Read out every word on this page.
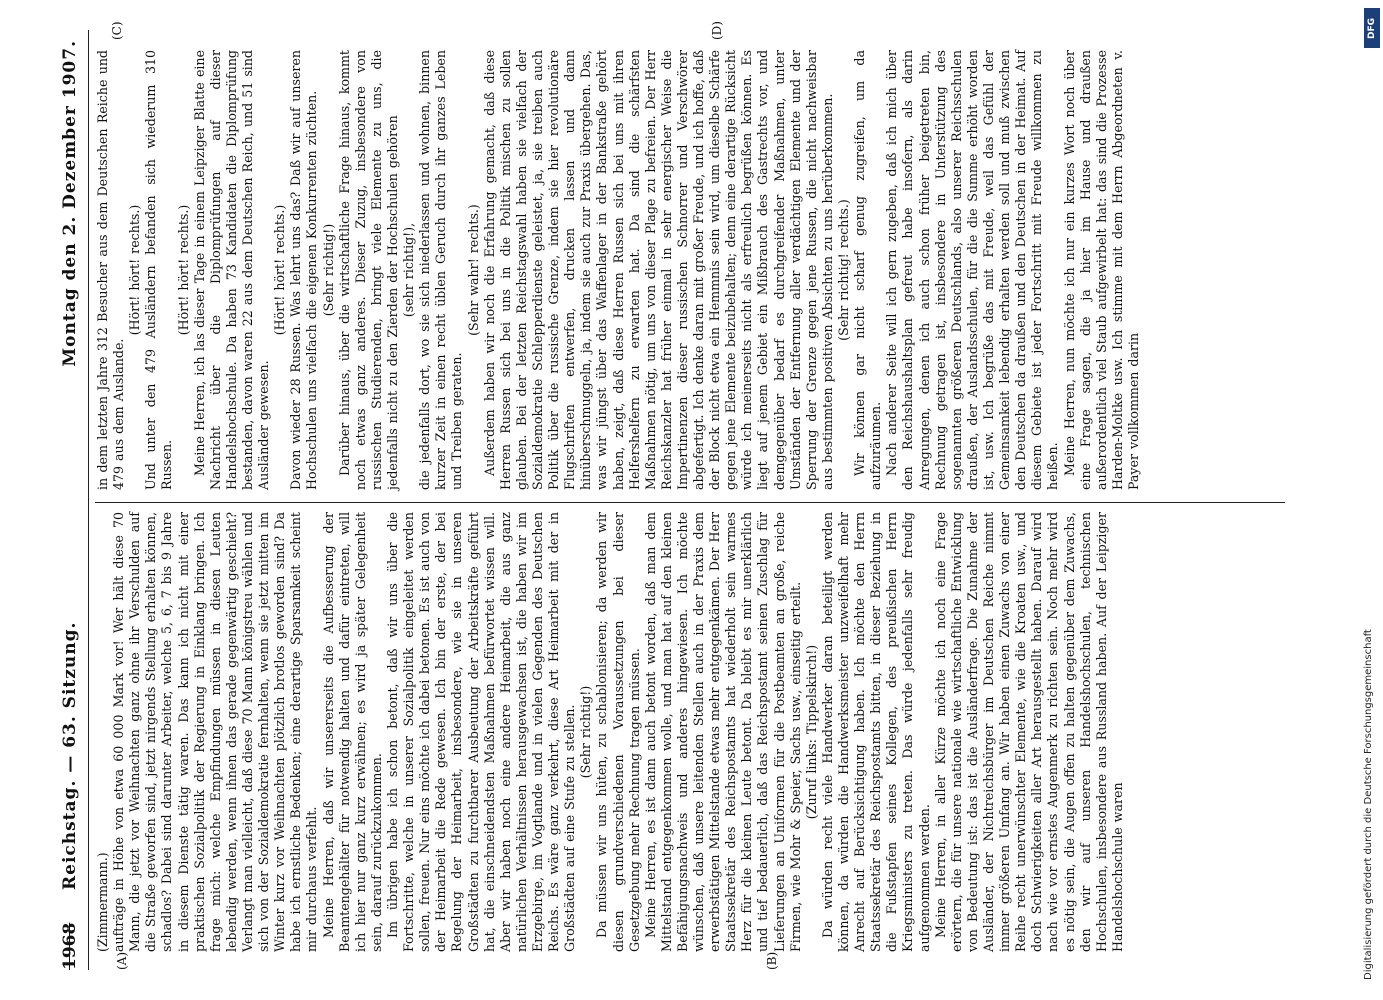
1968
Reichstag. — 63. Sitzung.
Montag den 2. Dezember 1907.
(A)	(B)
(C)	(D)

(Zimmermann.) aufträge in Höhe von etwa 60 000 Mark vor! Wer hält diese 70 Mann, die jetzt vor Weihnachten ganz ohne ihr Verschulden auf die Straße geworfen sind, jetzt nirgends Stellung erhalten können, schadlos? Dabei sind darunter Arbeiter, welche 5, 6, 7 bis 9 Jahre in diesem Dienste tätig waren. Das kann ich nicht mit einer praktischen Sozialpolitik der Regierung in Einklang bringen. Ich frage mich: welche Empfindungen müssen in diesen Leuten lebendig werden, wenn ihnen das gerade gegenwärtig geschieht? Verlangt man vielleicht, daß diese 70 Mann königstreu wählen und sich von der Sozialdemokratie fernhalten, wenn sie jetzt mitten im Winter kurz vor Weihnachten plötzlich brotlos geworden sind? Da habe ich ernstliche Bedenken; eine derartige Sparsamkeit scheint mir durchaus verfehlt. Meine Herren, daß wir unsererseits die Aufbesserung der Beamtengehälter für notwendig halten und dafür eintreten, will ich hier nur ganz kurz erwähnen; es wird ja später Gelegenheit sein, darauf zurückzukommen. Im übrigen habe ich schon betont, daß wir uns über die Fortschritte, welche in unserer Sozialpolitik eingeleitet werden sollen, freuen. Nur eins möchte ich dabei betonen. Es ist auch von der Heimarbeit die Rede gewesen. Ich bin der erste, der bei Regelung der Heimarbeit, insbesondere, wie sie in unseren Großstädten zu furchtbarer Ausbeutung der Arbeitskräfte geführt hat, die einschneidendsten Maßnahmen befürwortet wissen will. Aber wir haben noch eine andere Heimarbeit, die aus ganz natürlichen Verhältnissen herausgewachsen ist, die haben wir im Erzgebirge, im Vogtlande und in vielen Gegenden des Deutschen Reichs. Es wäre ganz verkehrt, diese Art Heimarbeit mit der in Großstädten auf eine Stufe zu stellen. (Sehr richtig!) Da müssen wir uns hüten, zu schablonisieren; da werden wir diesen grundverschiedenen Voraussetzungen bei dieser Gesetzgebung mehr Rechnung tragen müssen. Meine Herren, es ist dann auch betont worden, daß man dem Mittelstand entgegenkommen wolle, und man hat auf den kleinen Befähigungsnachweis und anderes hingewiesen. Ich möchte wünschen, daß unsere leitenden Stellen auch in der Praxis dem erwerbstätigen Mittelstande etwas mehr entgegenkämen. Der Herr Staatssekretär des Reichspostamts hat wiederholt sein warmes Herz für die kleinen Leute betont. Da bleibt es mir unerklärlich und tief bedauerlich, daß das Reichspostamt seinen Zuschlag für Lieferungen an Uniformen für die Postbeamten an große, reiche Firmen, wie Mohr & Speier, Sachs usw., einseitig erteilt. (Zuruf links: Tippelskirch!) Da würden recht viele Handwerker daran beteiligt werden können, da würden die Handwerksmeister unzweifelhaft mehr Anrecht auf Berücksichtigung haben. Ich möchte den Herrn Staatssekretär des Reichspostamts bitten, in dieser Beziehung in die Fußstapfen seines Kollegen, des preußischen Herrn Kriegsministers zu treten. Das würde jedenfalls sehr freudig aufgenommen werden. Meine Herren, in aller Kürze möchte ich noch eine Frage erörtern, die für unsere nationale wie wirtschaftliche Entwicklung von Bedeutung ist: das ist die Ausländerfrage. Die Zunahme der Ausländer, der Nichtreichsbürger im Deutschen Reiche nimmt immer größeren Umfang an. Wir haben einen Zuwachs von einer Reihe recht unerwünschter Elemente, wie die Kroaten usw., und doch Schwierigkeiten aller Art herausgestellt haben. Darauf wird nach wie vor ernstes Augenmerk zu richten sein. Noch mehr wird es nötig sein, die Augen offen zu halten gegenüber dem Zuwachs, den wir auf unseren Handelshochschulen, technischen Hochschulen, insbesondere aus Russland haben. Auf der Leipziger Handelshochschule waren

in dem letzten Jahre 312 Besucher aus dem Deutschen Reiche und 479 aus dem Auslande.

(Hört! hört! rechts.) Und unter den 479 Ausländern befanden sich wiederum 310 Russen.

(Hört! hört! rechts.) Meine Herren, ich las dieser Tage in einem Leipziger Blatte eine Nachricht über die Diplomprüfungen auf dieser Handelshochschule. Da haben 73 Kandidaten die Diplomprüfung bestanden, davon waren 22 aus dem Deutschen Reich, und 51 sind Ausländer gewesen.

(Hört! hört! rechts.) Davon wieder 28 Russen. Was lehrt uns das? Daß wir auf unseren Hochschulen uns vielfach die eigenen Konkurrenten züchten. (Sehr richtig!) Darüber hinaus, über die wirtschaftliche Frage hinaus, kommt noch etwas ganz anderes. Dieser Zuzug, insbesondere von russischen Studierenden, bringt viele Elemente zu uns, die jedenfalls nicht zu den Zierden der Hochschulen gehören (sehr richtig!), die jedenfalls dort, wo sie sich niederlassen und wohnen, binnen kurzer Zeit in einen recht üblen Geruch durch ihr ganzes Leben und Treiben geraten.

(Sehr wahr! rechts.) Außerdem haben wir noch die Erfahrung gemacht, daß diese Herren Russen sich bei uns in die Politik mischen zu sollen glauben. Bei der letzten Reichstagswahl haben sie vielfach der Sozialdemokratie Schlepperdienste geleistet, ja, sie treiben auch Politik über die russische Grenze, indem sie hier revolutionäre Flugschriften entwerfen, drucken lassen und dann hinüberschmuggeln, ja, indem sie auch zur Praxis übergehen. Das, was wir jüngst über das Waffenlager in der Bankstraße gehört haben, zeigt, daß diese Herren Russen sich bei uns mit ihren Helfershelfern zu erwarten hat. Da sind die schärfsten Maßnahmen nötig, um uns von dieser Plage zu befreien. Der Herr Reichskanzler hat früher einmal in sehr energischer Weise die Impertinenzen dieser russischen Schnorrer und Verschwörer abgefertigt. Ich denke daran mit großer Freude, und ich hoffe, daß der Block nicht etwa ein Hemmnis sein wird, um dieselbe Schärfe gegen jene Elemente beizubehalten; denn eine derartige Rücksicht würde ich meinerseits nicht als erfreulich begrüßen können. Es liegt auf jenem Gebiet ein Mißbrauch des Gastrechts vor, und demgegenüber bedarf es durchgreifender Maßnahmen, unter Umständen der Entfernung aller verdächtigen Elemente und der Sperrung der Grenze gegen jene Russen, die nicht nachweisbar aus bestimmten positiven Absichten zu uns herüberkommen. (Sehr richtig! rechts.) Wir können gar nicht scharf genug zugreifen, um da aufzuräumen. Nach anderer Seite will ich gern zugeben, daß ich mich über den Reichshaushaltsplan gefreut habe insofern, als darin Anregungen, denen ich auch schon früher beigetreten bin, Rechnung getragen ist, insbesondere in Unterstützung des sogenannten größeren Deutschlands, also unserer Reichsschulen draußen, der Auslandsschulen, für die die Summe erhöht worden ist, usw. Ich begrüße das mit Freude, weil das Gefühl der Gemeinsamkeit lebendig erhalten werden soll und muß zwischen den Deutschen da draußen und den Deutschen in der Heimat. Auf diesem Gebiete ist jeder Fortschritt mit Freude willkommen zu heißen. Meine Herren, nun möchte ich nur ein kurzes Wort noch über eine Frage sagen, die ja hier im Hause und draußen außerordentlich viel Staub aufgewirbelt hat: das sind die Prozesse Harden-Moltke usw. Ich stimme mit dem Herrn Abgeordneten v. Payer vollkommen darin

DFG
Digitalisierung gefördert durch die Deutsche Forschungsgemeinschaft
